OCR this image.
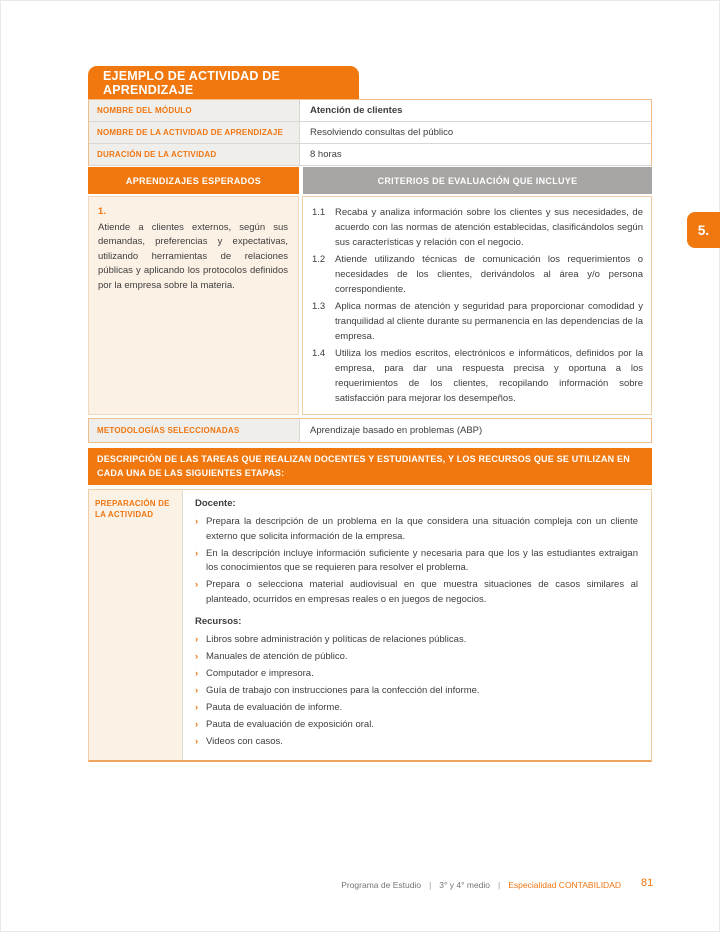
EJEMPLO DE ACTIVIDAD DE APRENDIZAJE
NOMBRE DEL MÓDULO	Atención de clientes
NOMBRE DE LA ACTIVIDAD DE APRENDIZAJE	Resolviendo consultas del público
DURACIÓN DE LA ACTIVIDAD	8 horas
APRENDIZAJES ESPERADOS	CRITERIOS DE EVALUACIÓN QUE INCLUYE
1.
Atiende a clientes externos, según sus demandas, preferencias y expectativas, utilizando herramientas de relaciones públicas y aplicando los protocolos definidos por la empresa sobre la materia.
1.1	Recaba y analiza información sobre los clientes y sus necesidades, de acuerdo con las normas de atención establecidas, clasificándolos según sus características y relación con el negocio.
1.2	Atiende utilizando técnicas de comunicación los requerimientos o necesidades de los clientes, derivándolos al área y/o persona correspondiente.
1.3	Aplica normas de atención y seguridad para proporcionar comodidad y tranquilidad al cliente durante su permanencia en las dependencias de la empresa.
1.4	Utiliza los medios escritos, electrónicos e informáticos, definidos por la empresa, para dar una respuesta precisa y oportuna a los requerimientos de los clientes, recopilando información sobre satisfacción para mejorar los desempeños.
METODOLOGÍAS SELECCIONADAS	Aprendizaje basado en problemas (ABP)
DESCRIPCIÓN DE LAS TAREAS QUE REALIZAN DOCENTES Y ESTUDIANTES, Y LOS RECURSOS QUE SE UTILIZAN EN CADA UNA DE LAS SIGUIENTES ETAPAS:
PREPARACIÓN DE LA ACTIVIDAD
Docente:
› Prepara la descripción de un problema en la que considera una situación compleja con un cliente externo que solicita información de la empresa.
› En la descripción incluye información suficiente y necesaria para que los y las estudiantes extraigan los conocimientos que se requieren para resolver el problema.
› Prepara o selecciona material audiovisual en que muestra situaciones de casos similares al planteado, ocurridos en empresas reales o en juegos de negocios.
Recursos:
› Libros sobre administración y políticas de relaciones públicas.
› Manuales de atención de público.
› Computador e impresora.
› Guía de trabajo con instrucciones para la confección del informe.
› Pauta de evaluación de informe.
› Pauta de evaluación de exposición oral.
› Videos con casos.
Programa de Estudio | 3° y 4° medio | Especialidad CONTABILIDAD 81
5.
